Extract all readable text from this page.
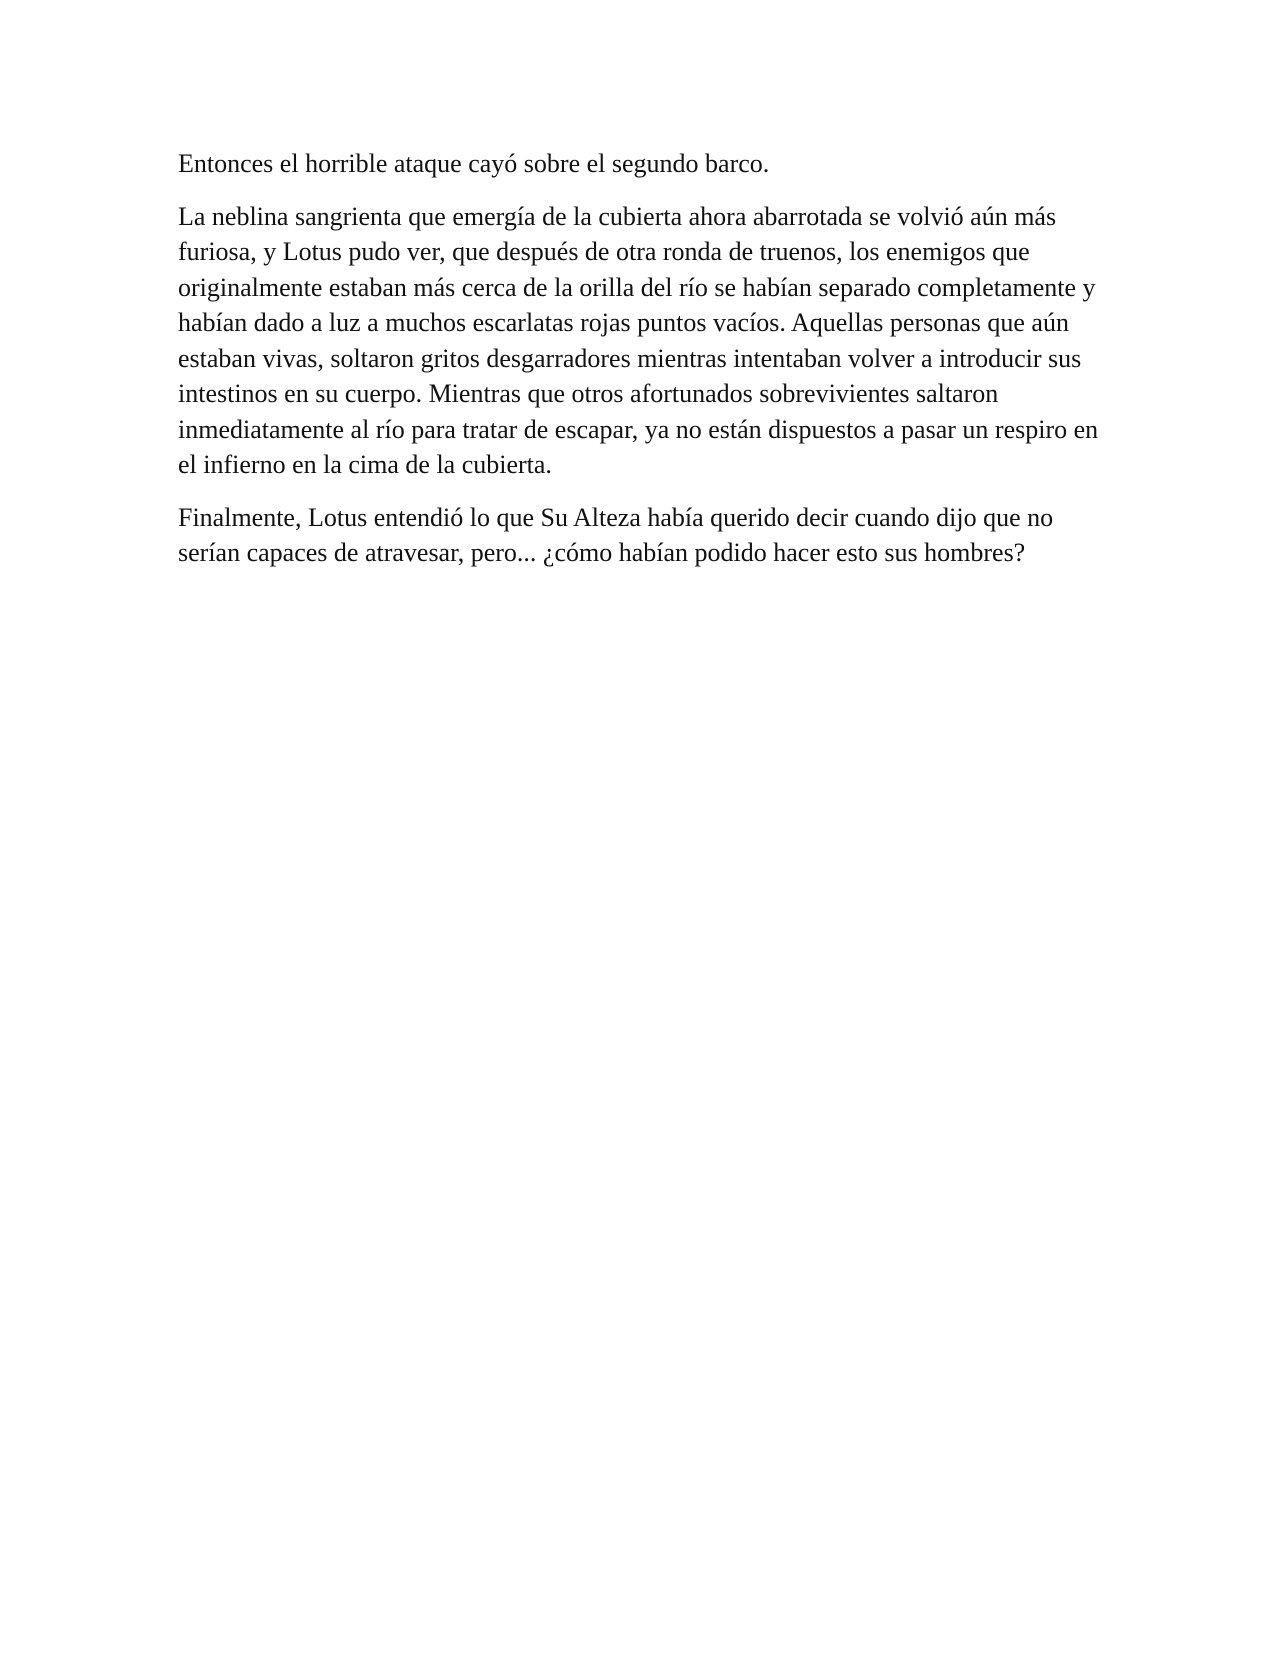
Entonces el horrible ataque cayó sobre el segundo barco.

La neblina sangrienta que emergía de la cubierta ahora abarrotada se volvió aún más furiosa, y Lotus pudo ver, que después de otra ronda de truenos, los enemigos que originalmente estaban más cerca de la orilla del río se habían separado completamente y habían dado a luz a muchos escarlatas rojas puntos vacíos. Aquellas personas que aún estaban vivas, soltaron gritos desgarradores mientras intentaban volver a introducir sus intestinos en su cuerpo. Mientras que otros afortunados sobrevivientes saltaron inmediatamente al río para tratar de escapar, ya no están dispuestos a pasar un respiro en el infierno en la cima de la cubierta.

Finalmente, Lotus entendió lo que Su Alteza había querido decir cuando dijo que no serían capaces de atravesar, pero... ¿cómo habían podido hacer esto sus hombres?
